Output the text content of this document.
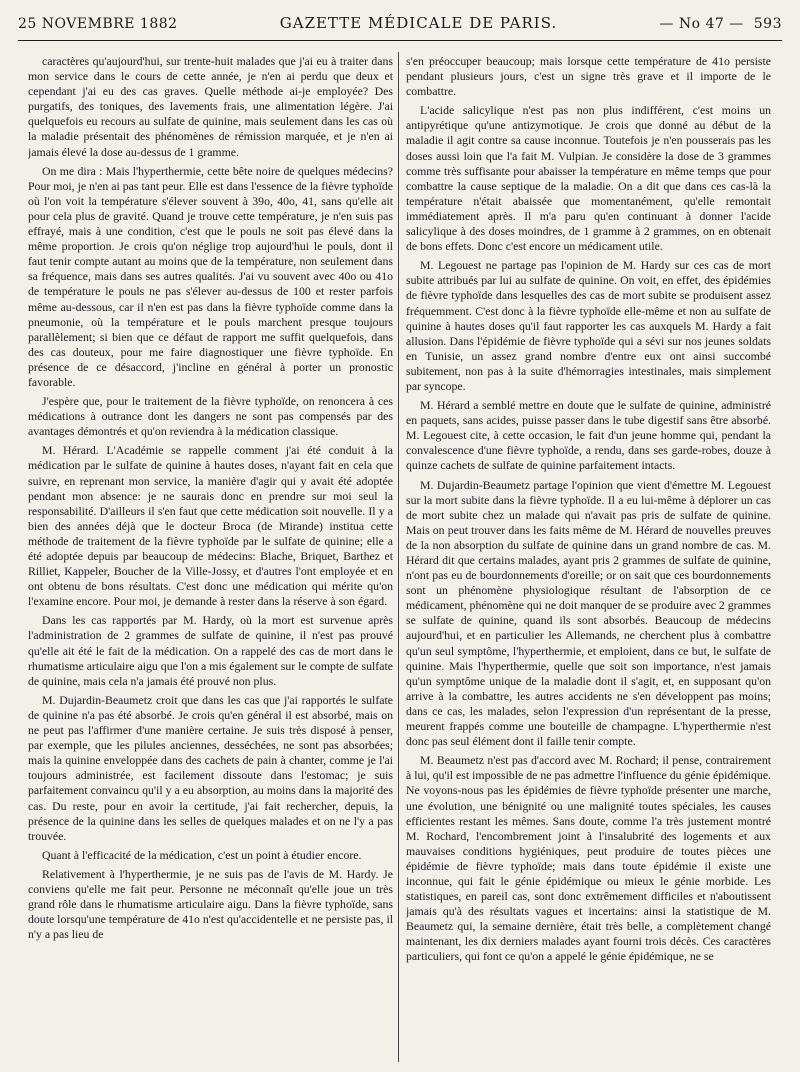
25 NOVEMBRE 1882	GAZETTE MÉDICALE DE PARIS.	— No 47 — 593

caractères qu'aujourd'hui, sur trente-huit malades que j'ai eu à traiter dans mon service dans le cours de cette année, je n'en ai perdu que deux et cependant j'ai eu des cas graves. Quelle méthode ai-je employée? Des purgatifs, des toniques, des lavements frais, une alimentation légère. J'ai quelquefois eu recours au sulfate de quinine, mais seulement dans les cas où la maladie présentait des phénomènes de rémission marquée, et je n'en ai jamais élevé la dose au-dessus de 1 gramme.

On me dira : Mais l'hyperthermie, cette bête noire de quelques médecins? Pour moi, je n'en ai pas tant peur. Elle est dans l'essence de la fièvre typhoïde où l'on voit la température s'élever souvent à 39o, 40o, 41, sans qu'elle ait pour cela plus de gravité. Quand je trouve cette température, je n'en suis pas effrayé, mais à une condition, c'est que le pouls ne soit pas élevé dans la même proportion. Je crois qu'on néglige trop aujourd'hui le pouls, dont il faut tenir compte autant au moins que de la température, non seulement dans sa fréquence, mais dans ses autres qualités. J'ai vu souvent avec 40o ou 41o de température le pouls ne pas s'élever au-dessus de 100 et rester parfois même au-dessous, car il n'en est pas dans la fièvre typhoïde comme dans la pneumonie, où la température et le pouls marchent presque toujours parallèlement; si bien que ce défaut de rapport me suffit quelquefois, dans des cas douteux, pour me faire diagnostiquer une fièvre typhoïde. En présence de ce désaccord, j'incline en général à porter un pronostic favorable.

J'espère que, pour le traitement de la fièvre typhoïde, on renoncera à ces médications à outrance dont les dangers ne sont pas compensés par des avantages démontrés et qu'on reviendra à la médication classique.

M. Hérard. L'Académie se rappelle comment j'ai été conduit à la médication par le sulfate de quinine à hautes doses, n'ayant fait en cela que suivre, en reprenant mon service, la manière d'agir qui y avait été adoptée pendant mon absence: je ne saurais donc en prendre sur moi seul la responsabilité. D'ailleurs il s'en faut que cette médication soit nouvelle. Il y a bien des années déjà que le docteur Broca (de Mirande) institua cette méthode de traitement de la fièvre typhoïde par le sulfate de quinine; elle a été adoptée depuis par beaucoup de médecins: Blache, Briquet, Barthez et Rilliet, Kappeler, Boucher de la Ville-Jossy, et d'autres l'ont employée et en ont obtenu de bons résultats. C'est donc une médication qui mérite qu'on l'examine encore. Pour moi, je demande à rester dans la réserve à son égard.

Dans les cas rapportés par M. Hardy, où la mort est survenue après l'administration de 2 grammes de sulfate de quinine, il n'est pas prouvé qu'elle ait été le fait de la médication. On a rappelé des cas de mort dans le rhumatisme articulaire aigu que l'on a mis également sur le compte de sulfate de quinine, mais cela n'a jamais été prouvé non plus.

M. Dujardin-Beaumetz croit que dans les cas que j'ai rapportés le sulfate de quinine n'a pas été absorbé. Je crois qu'en général il est absorbé, mais on ne peut pas l'affirmer d'une manière certaine. Je suis très disposé à penser, par exemple, que les pilules anciennes, desséchées, ne sont pas absorbées; mais la quinine enveloppée dans des cachets de pain à chanter, comme je l'ai toujours administrée, est facilement dissoute dans l'estomac; je suis parfaitement convaincu qu'il y a eu absorption, au moins dans la majorité des cas. Du reste, pour en avoir la certitude, j'ai fait rechercher, depuis, la présence de la quinine dans les selles de quelques malades et on ne l'y a pas trouvée.

Quant à l'efficacité de la médication, c'est un point à étudier encore.

Relativement à l'hyperthermie, je ne suis pas de l'avis de M. Hardy. Je conviens qu'elle me fait peur. Personne ne méconnaît qu'elle joue un très grand rôle dans le rhumatisme articulaire aigu. Dans la fièvre typhoïde, sans doute lorsqu'une température de 41o n'est qu'accidentelle et ne persiste pas, il n'y a pas lieu de

s'en préoccuper beaucoup; mais lorsque cette température de 41o persiste pendant plusieurs jours, c'est un signe très grave et il importe de le combattre.

L'acide salicylique n'est pas non plus indifférent, c'est moins un antipyrétique qu'une antizymotique. Je crois que donné au début de la maladie il agit contre sa cause inconnue. Toutefois je n'en pousserais pas les doses aussi loin que l'a fait M. Vulpian. Je considère la dose de 3 grammes comme très suffisante pour abaisser la température en même temps que pour combattre la cause septique de la maladie. On a dit que dans ces cas-là la température n'était abaissée que momentanément, qu'elle remontait immédiatement après. Il m'a paru qu'en continuant à donner l'acide salicylique à des doses moindres, de 1 gramme à 2 grammes, on en obtenait de bons effets. Donc c'est encore un médicament utile.

M. Legouest ne partage pas l'opinion de M. Hardy sur ces cas de mort subite attribués par lui au sulfate de quinine. On voit, en effet, des épidémies de fièvre typhoïde dans lesquelles des cas de mort subite se produisent assez fréquemment. C'est donc à la fièvre typhoïde elle-même et non au sulfate de quinine à hautes doses qu'il faut rapporter les cas auxquels M. Hardy a fait allusion. Dans l'épidémie de fièvre typhoïde qui a sévi sur nos jeunes soldats en Tunisie, un assez grand nombre d'entre eux ont ainsi succombé subitement, non pas à la suite d'hémorragies intestinales, mais simplement par syncope.

M. Hérard a semblé mettre en doute que le sulfate de quinine, administré en paquets, sans acides, puisse passer dans le tube digestif sans être absorbé. M. Legouest cite, à cette occasion, le fait d'un jeune homme qui, pendant la convalescence d'une fièvre typhoïde, a rendu, dans ses garde-robes, douze à quinze cachets de sulfate de quinine parfaitement intacts.

M. Dujardin-Beaumetz partage l'opinion que vient d'émettre M. Legouest sur la mort subite dans la fièvre typhoïde. Il a eu lui-même à déplorer un cas de mort subite chez un malade qui n'avait pas pris de sulfate de quinine. Mais on peut trouver dans les faits même de M. Hérard de nouvelles preuves de la non absorption du sulfate de quinine dans un grand nombre de cas. M. Hérard dit que certains malades, ayant pris 2 grammes de sulfate de quinine, n'ont pas eu de bourdonnements d'oreille; or on sait que ces bourdonnements sont un phénomène physiologique résultant de l'absorption de ce médicament, phénomène qui ne doit manquer de se produire avec 2 grammes se sulfate de quinine, quand ils sont absorbés. Beaucoup de médecins aujourd'hui, et en particulier les Allemands, ne cherchent plus à combattre qu'un seul symptôme, l'hyperthermie, et emploient, dans ce but, le sulfate de quinine. Mais l'hyperthermie, quelle que soit son importance, n'est jamais qu'un symptôme unique de la maladie dont il s'agit, et, en supposant qu'on arrive à la combattre, les autres accidents ne s'en développent pas moins; dans ce cas, les malades, selon l'expression d'un représentant de la presse, meurent frappés comme une bouteille de champagne. L'hyperthermie n'est donc pas seul élément dont il faille tenir compte.

M. Beaumetz n'est pas d'accord avec M. Rochard; il pense, contrairement à lui, qu'il est impossible de ne pas admettre l'influence du génie épidémique. Ne voyons-nous pas les épidémies de fièvre typhoïde présenter une marche, une évolution, une bénignité ou une malignité toutes spéciales, les causes efficientes restant les mêmes. Sans doute, comme l'a très justement montré M. Rochard, l'encombrement joint à l'insalubrité des logements et aux mauvaises conditions hygiéniques, peut produire de toutes pièces une épidémie de fièvre typhoïde; mais dans toute épidémie il existe une inconnue, qui fait le génie épidémique ou mieux le génie morbide. Les statistiques, en pareil cas, sont donc extrêmement difficiles et n'aboutissent jamais qu'à des résultats vagues et incertains: ainsi la statistique de M. Beaumetz qui, la semaine dernière, était très belle, a complètement changé maintenant, les dix derniers malades ayant fourni trois décès. Ces caractères particuliers, qui font ce qu'on a appelé le génie épidémique, ne se
